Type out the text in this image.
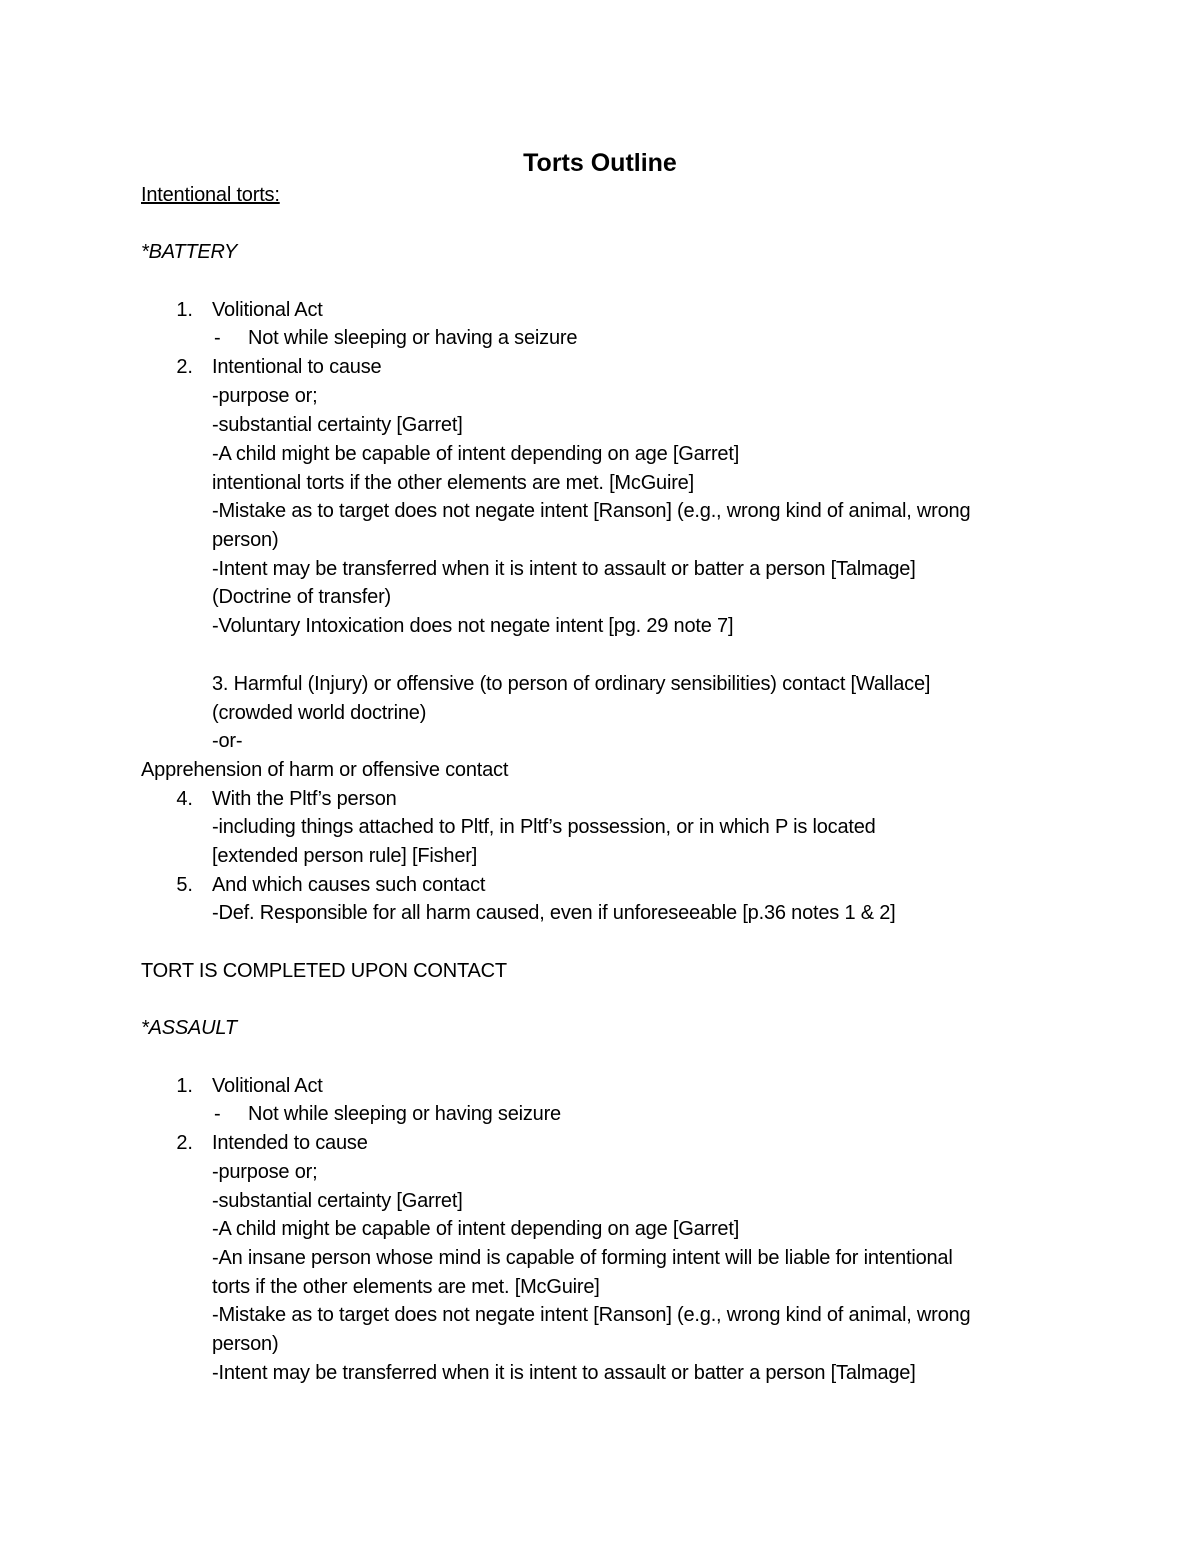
Torts Outline
Intentional torts:
*BATTERY
1. Volitional Act
- Not while sleeping or having a seizure
2. Intentional to cause
-purpose or;
-substantial certainty [Garret]
-A child might be capable of intent depending on age [Garret]
intentional torts if the other elements are met. [McGuire]
-Mistake as to target does not negate intent [Ranson] (e.g., wrong kind of animal, wrong
person)
-Intent may be transferred when it is intent to assault or batter a person [Talmage]
(Doctrine of transfer)
-Voluntary Intoxication does not negate intent [pg. 29 note 7]
3. Harmful (Injury) or offensive (to person of ordinary sensibilities) contact [Wallace]
(crowded world doctrine)
-or-
Apprehension of harm or offensive contact
4. With the Pltf’s person
-including things attached to Pltf, in Pltf’s possession, or in which P is located
[extended person rule] [Fisher]
5. And which causes such contact
-Def. Responsible for all harm caused, even if unforeseeable [p.36 notes 1 & 2]
TORT IS COMPLETED UPON CONTACT
*ASSAULT
1. Volitional Act
- Not while sleeping or having seizure
2. Intended to cause
-purpose or;
-substantial certainty [Garret]
-A child might be capable of intent depending on age [Garret]
-An insane person whose mind is capable of forming intent will be liable for intentional
torts if the other elements are met. [McGuire]
-Mistake as to target does not negate intent [Ranson] (e.g., wrong kind of animal, wrong
person)
-Intent may be transferred when it is intent to assault or batter a person [Talmage]
